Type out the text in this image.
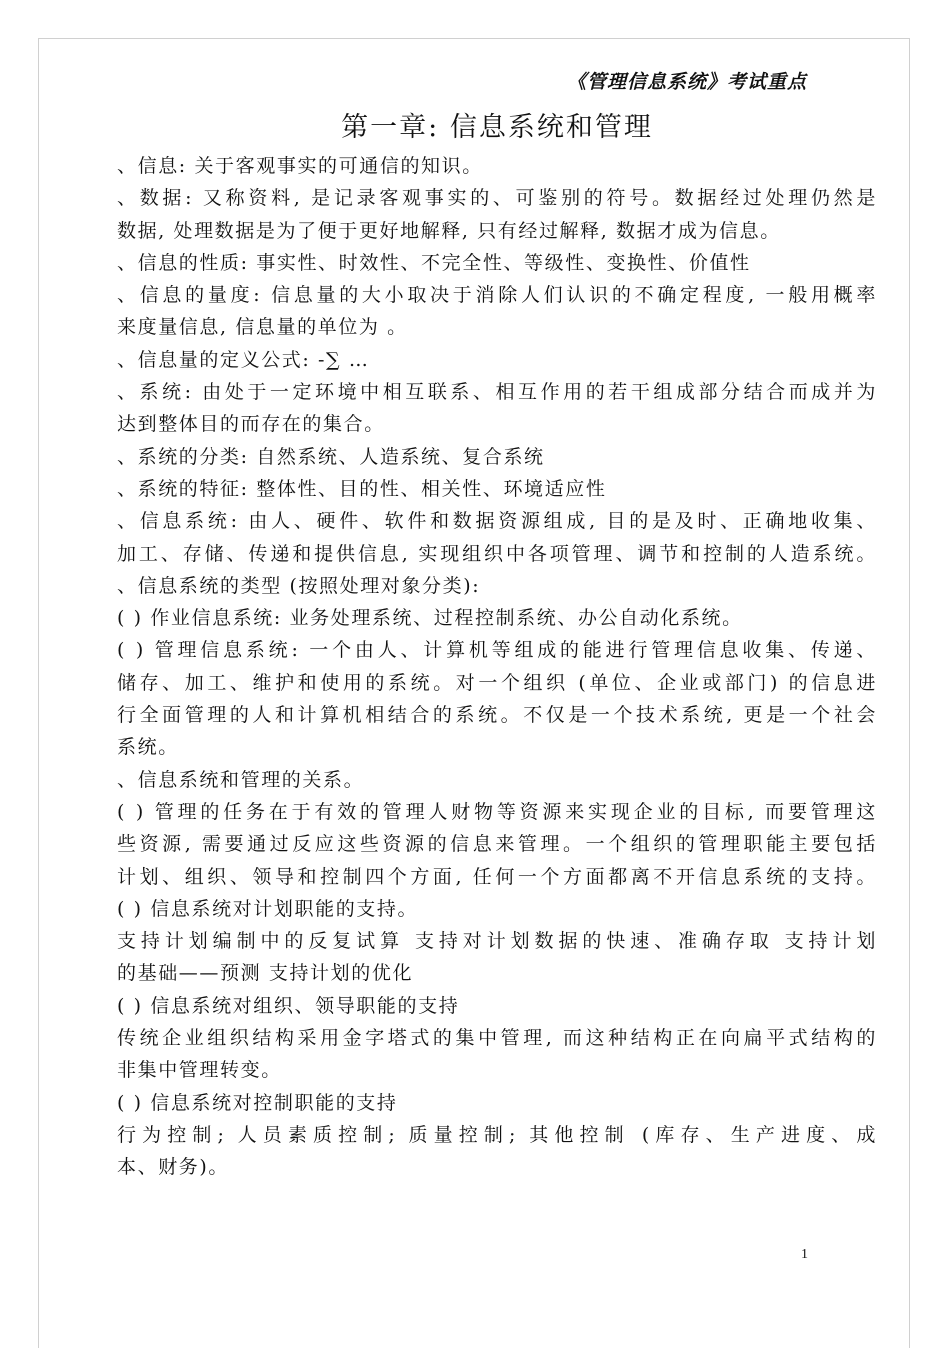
《管理信息系统》考试重点
第一章: 信息系统和管理
、信息: 关于客观事实的可通信的知识。
、数据: 又称资料, 是记录客观事实的、可鉴别的符号。数据经过处理仍然是
数据, 处理数据是为了便于更好地解释, 只有经过解释, 数据才成为信息。
、信息的性质: 事实性、时效性、不完全性、等级性、变换性、价值性
、信息的量度: 信息量的大小取决于消除人们认识的不确定程度, 一般用概率
来度量信息, 信息量的单位为 。
、信息量的定义公式: -∑ …
、系统: 由处于一定环境中相互联系、相互作用的若干组成部分结合而成并为
达到整体目的而存在的集合。
、系统的分类: 自然系统、人造系统、复合系统
、系统的特征: 整体性、目的性、相关性、环境适应性
、信息系统: 由人、硬件、软件和数据资源组成, 目的是及时、正确地收集、
加工、存储、传递和提供信息, 实现组织中各项管理、调节和控制的人造系统。
、信息系统的类型 (按照处理对象分类):
( ) 作业信息系统: 业务处理系统、过程控制系统、办公自动化系统。
( ) 管理信息系统: 一个由人、计算机等组成的能进行管理信息收集、传递、
储存、加工、维护和使用的系统。对一个组织 (单位、企业或部门) 的信息进
行全面管理的人和计算机相结合的系统。不仅是一个技术系统, 更是一个社会
系统。
、信息系统和管理的关系。
( ) 管理的任务在于有效的管理人财物等资源来实现企业的目标, 而要管理这
些资源, 需要通过反应这些资源的信息来管理。一个组织的管理职能主要包括
计划、组织、领导和控制四个方面, 任何一个方面都离不开信息系统的支持。
( ) 信息系统对计划职能的支持。
支持计划编制中的反复试算 支持对计划数据的快速、准确存取 支持计划
的基础——预测 支持计划的优化
( ) 信息系统对组织、领导职能的支持
传统企业组织结构采用金字塔式的集中管理, 而这种结构正在向扁平式结构的
非集中管理转变。
( ) 信息系统对控制职能的支持
行为控制; 人员素质控制; 质量控制; 其他控制 (库存、生产进度、成
本、财务)。
1
